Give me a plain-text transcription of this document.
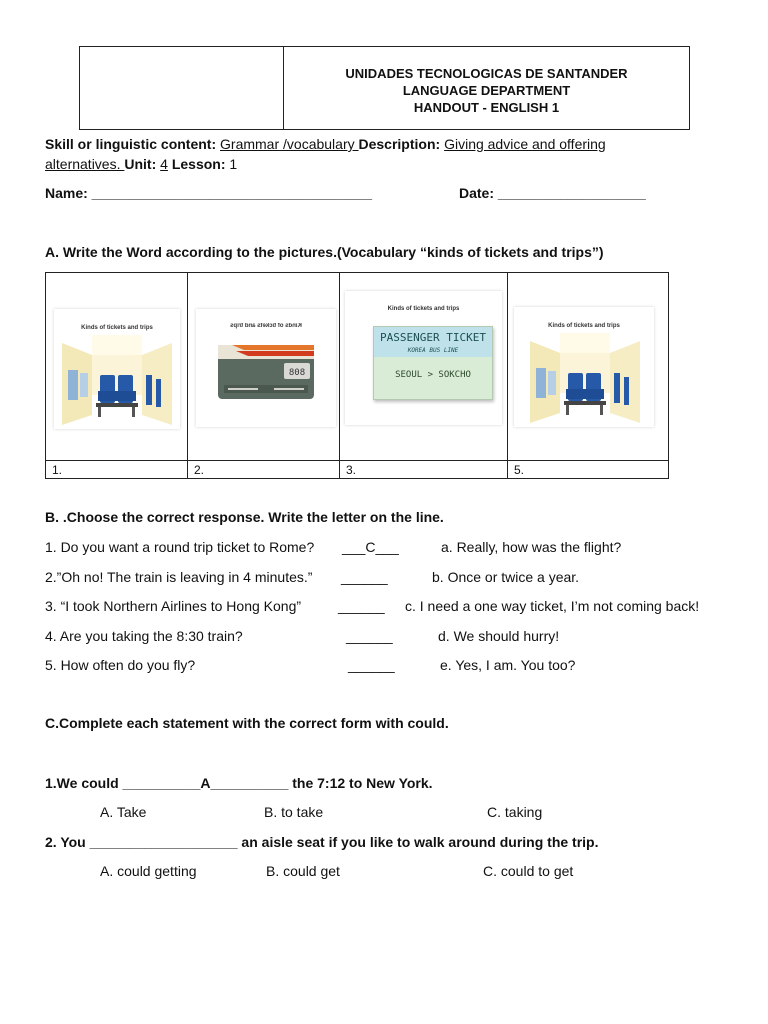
UNIDADES TECNOLOGICAS DE SANTANDER
LANGUAGE DEPARTMENT
HANDOUT - ENGLISH 1
Skill or linguistic content: Grammar /vocabulary Description: Giving advice and offering
alternatives. Unit: 4 Lesson: 1
Name: ____________________________________	Date: ___________________
A. Write the Word according to the pictures.(Vocabulary “kinds of tickets and trips”)
Kinds of tickets and trips	Kinds of tickets and trips
808
Kinds of tickets and trips
PASSENGER TICKET
KOREA BUS LINE
SEOUL > SOKCHO
Kinds of tickets and trips
1.	2.	3.	5.
B. .Choose the correct response. Write the letter on the line.
1. Do you want a round trip ticket to Rome? ___C___	a. Really, how was the flight?
2.”Oh no! The train is leaving in 4 minutes.” ______	b. Once or twice a year.
3. “I took Northern Airlines to Hong Kong”	______ c. I need a one way ticket, I’m not coming back!
4. Are you taking the 8:30 train?	______	d. We should hurry!
5. How often do you fly?	______	e. Yes, I am. You too?
C.Complete each statement with the correct form with could.
1.We could __________A__________ the 7:12 to New York.
A. Take	B. to take	C. taking
2. You ___________________ an aisle seat if you like to walk around during the trip.
A. could getting	B. could get	C. could to get
